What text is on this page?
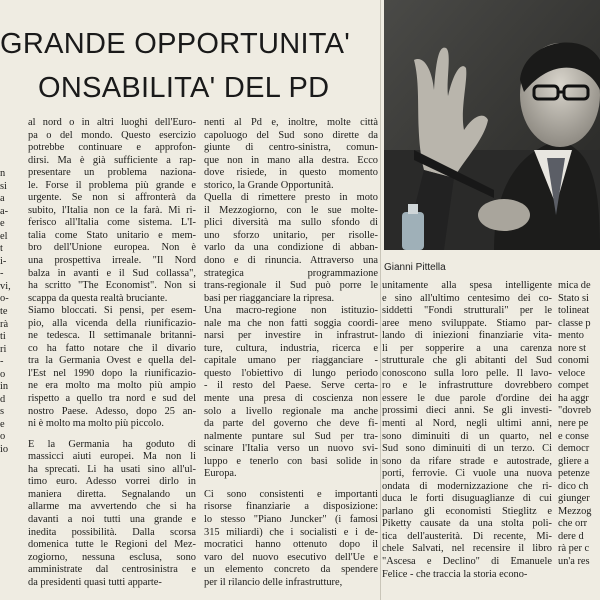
GRANDE OPPORTUNITA'
ONSABILITA' DEL PD
n
si
a
a-
e
el
t
i-
-
vi,
o-
te
rà
ti
ri
-
o
in
d
s
e
o
io
al nord o in altri luoghi dell'Euro-
pa o del mondo. Questo esercizio
potrebbe continuare e approfon-
dirsi. Ma è già sufficiente a rap-
presentare un problema naziona-
le. Forse il problema più grande e
urgente. Se non si affronterà da
subito, l'Italia non ce la farà. Mi ri-
ferisco all'Italia come sistema. L'I-
talia come Stato unitario e mem-
bro dell'Unione europea. Non è
una prospettiva irreale. "Il Nord
balza in avanti e il Sud collassa",
ha scritto "The Economist". Non si
scappa da questa realtà bruciante.
Siamo bloccati. Si pensi, per esem-
pio, alla vicenda della riunificazio-
ne tedesca. Il settimanale britanni-
co ha fatto notare che il divario
tra la Germania Ovest e quella del-
l'Est nel 1990 dopo la riunificazio-
ne era molto ma molto più ampio
rispetto a quello tra nord e sud del
nostro Paese. Adesso, dopo 25 an-
ni è molto ma molto più piccolo.
E la Germania ha goduto di
massicci aiuti europei. Ma non li
ha sprecati. Li ha usati sino all'ul-
timo euro. Adesso vorrei dirlo in
maniera diretta. Segnalando un
allarme ma avvertendo che si ha
davanti a noi tutti una grande e
inedita possibilità. Dalla scorsa
domenica tutte le Regioni del Mez-
zogiorno, nessuna esclusa, sono
amministrate dal centrosinistra e
da presidenti quasi tutti apparte-
nenti al Pd e, inoltre, molte città
capoluogo del Sud sono dirette da
giunte di centro-sinistra, comun-
que non in mano alla destra. Ecco
dove risiede, in questo momento
storico, la Grande Opportunità.
Quella di rimettere presto in moto
il Mezzogiorno, con le sue molte-
plici diversità ma sullo sfondo di
uno sforzo unitario, per risolle-
varlo da una condizione di abban-
dono e di rinuncia. Attraverso una
strategica programmazione
trans-regionale il Sud può porre le
basi per riagganciare la ripresa.
Una macro-regione non istituzio-
nale ma che non fatti soggia coordi-
narsi per investire in infrastrut-
ture, cultura, industria, ricerca e
capitale umano per riagganciare -
questo l'obiettivo di lungo periodo
- il resto del Paese. Serve certa-
mente una presa di coscienza non
solo a livello regionale ma anche
da parte del governo che deve fi-
nalmente puntare sul Sud per tra-
scinare l'Italia verso un nuovo svi-
luppo e tenerlo con basi solide in
Europa.
Ci sono consistenti e importanti
risorse finanziarie a disposizione:
lo stesso "Piano Juncker" (i famosi
315 miliardi) che i socialisti e i de-
mocratici hanno ottenuto dopo il
varo del nuovo esecutivo dell'Ue e
un elemento concreto da spendere
per il rilancio delle infrastrutture,
Gianni Pittella
unitamente alla spesa intelligente
e sino all'ultimo centesimo dei co-
siddetti "Fondi strutturali" per le
aree meno sviluppate. Stiamo par-
lando di iniezioni finanziarie vita-
li per sopperire a una carenza
strutturale che gli abitanti del Sud
conoscono sulla loro pelle. Il lavo-
ro e le infrastrutture dovrebbero
essere le due parole d'ordine dei
prossimi dieci anni. Se gli investi-
menti al Nord, negli ultimi anni,
sono diminuiti di un quarto, nel
Sud sono diminuiti di un terzo. Ci
sono da rifare strade e autostrade,
porti, ferrovie. Ci vuole una nuova
ondata di modernizzazione che ri-
duca le forti disuguaglianze di cui
parlano gli economisti Stieglitz e
Piketty causate da una stolta poli-
tica dell'austerità. Di recente, Mi-
chele Salvati, nel recensire il libro
"Ascesa e Declino" di Emanuele
Felice - che traccia la storia econo-
mica de
Stato si
tolineat
classe p
mento
nore st
conomi
veloce
compet
ha aggr
"dovreb
nere pe
e conse
democr
gliere a
petenze
dico ch
giunger
Mezzog
che orr
dere d
rà per c
un'a res
